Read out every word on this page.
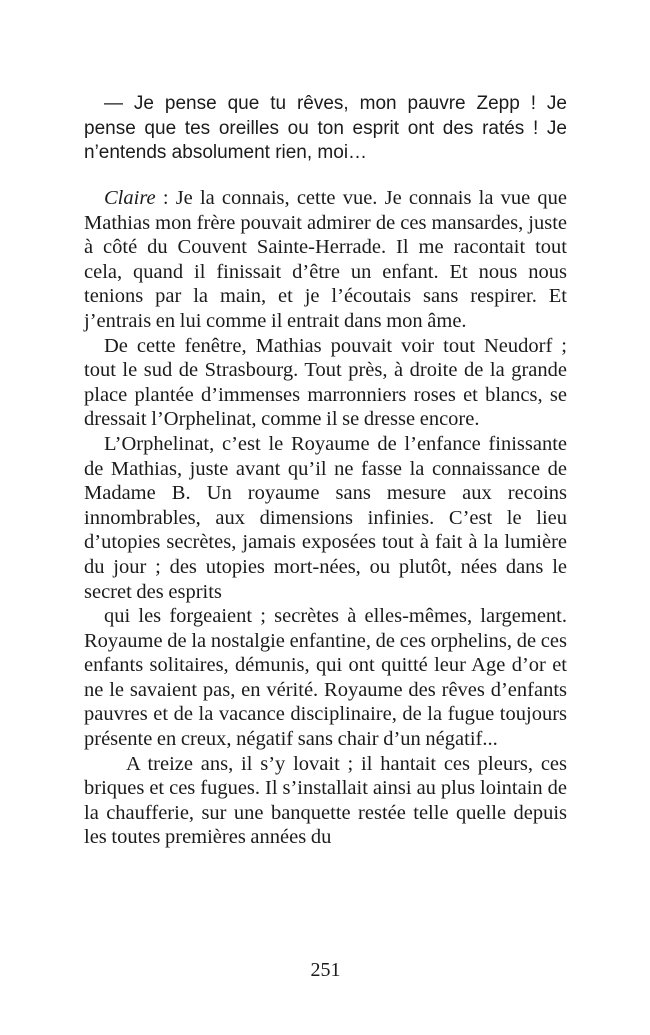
— Je pense que tu rêves, mon pauvre Zepp ! Je pense que tes oreilles ou ton esprit ont des ratés ! Je n’entends absolument rien, moi…

Claire : Je la connais, cette vue. Je connais la vue que Mathias mon frère pouvait admirer de ces mansardes, juste à côté du Couvent Sainte-Herrade. Il me racontait tout cela, quand il finissait d’être un enfant. Et nous nous tenions par la main, et je l’écoutais sans respirer. Et j’entrais en lui comme il entrait dans mon âme.

De cette fenêtre, Mathias pouvait voir tout Neudorf ; tout le sud de Strasbourg. Tout près, à droite de la grande place plantée d’immenses marronniers roses et blancs, se dressait l’Orphelinat, comme il se dresse encore.

L’Orphelinat, c’est le Royaume de l’enfance finissante de Mathias, juste avant qu’il ne fasse la connaissance de Madame B. Un royaume sans mesure aux recoins innombrables, aux dimensions infinies. C’est le lieu d’utopies secrètes, jamais exposées tout à fait à la lumière du jour ; des utopies mort-nées, ou plutôt, nées dans le secret des esprits

qui les forgeaient ; secrètes à elles-mêmes, largement. Royaume de la nostalgie enfantine, de ces orphelins, de ces enfants solitaires, démunis, qui ont quitté leur Age d’or et ne le savaient pas, en vérité. Royaume des rêves d’enfants pauvres et de la vacance disciplinaire, de la fugue toujours présente en creux, négatif sans chair d’un négatif...

A treize ans, il s’y lovait ; il hantait ces pleurs, ces briques et ces fugues. Il s’installait ainsi au plus lointain de la chaufferie, sur une banquette restée telle quelle depuis les toutes premières années du

251
